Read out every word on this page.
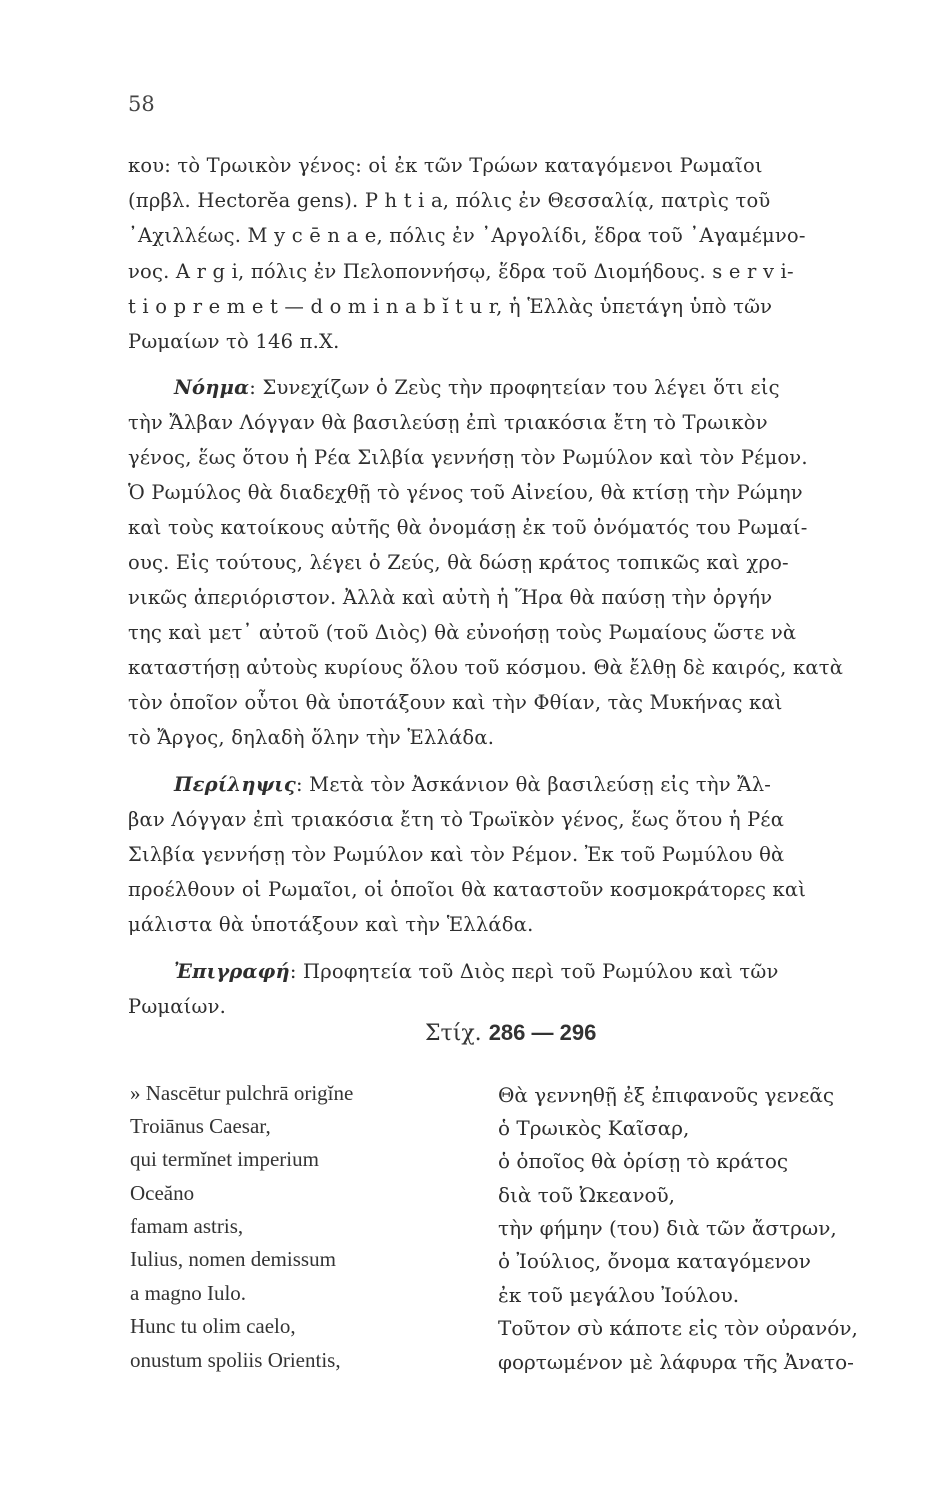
58
κου: τὸ Τρωικὸν γένος: οἱ ἐκ τῶν Τρώων καταγόμενοι Ρωμαῖοι
(πρβλ. Hectorĕa gens). P h t i a, πόλις ἐν Θεσσαλίᾳ, πατρὶς τοῦ
᾿Αχιλλέως. M y c ē n a e, πόλις ἐν ᾿Αργολίδι, ἕδρα τοῦ ᾿Αγαμέμνο-
νος. A r g i, πόλις ἐν Πελοποννήσῳ, ἕδρα τοῦ Διομήδους. s e r v i-
t i o p r e m e t — d o m i n a b ĭ t u r, ἡ Ἑλλὰς ὑπετάγη ὑπὸ τῶν
Ρωμαίων τὸ 146 π.Χ.
Νόημα: Συνεχίζων ὁ Ζεὺς τὴν προφητείαν του λέγει ὅτι εἰς
τὴν Ἄλβαν Λόγγαν θὰ βασιλεύσῃ ἐπὶ τριακόσια ἔτη τὸ Τρωικὸν
γένος, ἕως ὅτου ἡ Ρέα Σιλβία γεννήσῃ τὸν Ρωμύλον καὶ τὸν Ρέμον.
Ὁ Ρωμύλος θὰ διαδεχθῇ τὸ γένος τοῦ Αἰνείου, θὰ κτίσῃ τὴν Ρώμην
καὶ τοὺς κατοίκους αὐτῆς θὰ ὀνομάσῃ ἐκ τοῦ ὀνόματός του Ρωμαί-
ους. Εἰς τούτους, λέγει ὁ Ζεύς, θὰ δώσῃ κράτος τοπικῶς καὶ χρο-
νικῶς ἀπεριόριστον. Ἀλλὰ καὶ αὐτὴ ἡ Ἥρα θὰ παύσῃ τὴν ὀργήν
της καὶ μετ᾿ αὐτοῦ (τοῦ Διὸς) θὰ εὐνοήσῃ τοὺς Ρωμαίους ὥστε νὰ
καταστήσῃ αὐτοὺς κυρίους ὅλου τοῦ κόσμου. Θὰ ἔλθῃ δὲ καιρός, κατὰ
τὸν ὁποῖον οὗτοι θὰ ὑποτάξουν καὶ τὴν Φθίαν, τὰς Μυκήνας καὶ
τὸ Ἄργος, δηλαδὴ ὅλην τὴν Ἑλλάδα.
Περίληψις: Μετὰ τὸν Ἀσκάνιον θὰ βασιλεύσῃ εἰς τὴν Ἄλ-
βαν Λόγγαν ἐπὶ τριακόσια ἔτη τὸ Τρωϊκὸν γένος, ἕως ὅτου ἡ Ρέα
Σιλβία γεννήσῃ τὸν Ρωμύλον καὶ τὸν Ρέμον. Ἐκ τοῦ Ρωμύλου θὰ
προέλθουν οἱ Ρωμαῖοι, οἱ ὁποῖοι θὰ καταστοῦν κοσμοκράτορες καὶ
μάλιστα θὰ ὑποτάξουν καὶ τὴν Ἑλλάδα.
Ἐπιγραφή: Προφητεία τοῦ Διὸς περὶ τοῦ Ρωμύλου καὶ τῶν
Ρωμαίων.
Στίχ. 286 — 296
» Nascētur pulchrā origĭne
Troiānus Caesar,
qui termĭnet imperium
Oceăno
famam astris,
Iulius, nomen demissum
a magno Iulo.
Hunc tu olim caelo,
onustum spoliis Orientis,
Θὰ γεννηθῇ ἐξ ἐπιφανοῦς γενεᾶς
ὁ Τρωικὸς Καῖσαρ,
ὁ ὁποῖος θὰ ὁρίσῃ τὸ κράτος
διὰ τοῦ Ὠκεανοῦ,
τὴν φήμην (του) διὰ τῶν ἄστρων,
ὁ Ἰούλιος, ὄνομα καταγόμενον
ἐκ τοῦ μεγάλου Ἰούλου.
Τοῦτον σὺ κάποτε εἰς τὸν οὐρανόν,
φορτωμένον μὲ λάφυρα τῆς Ἀνατο-
